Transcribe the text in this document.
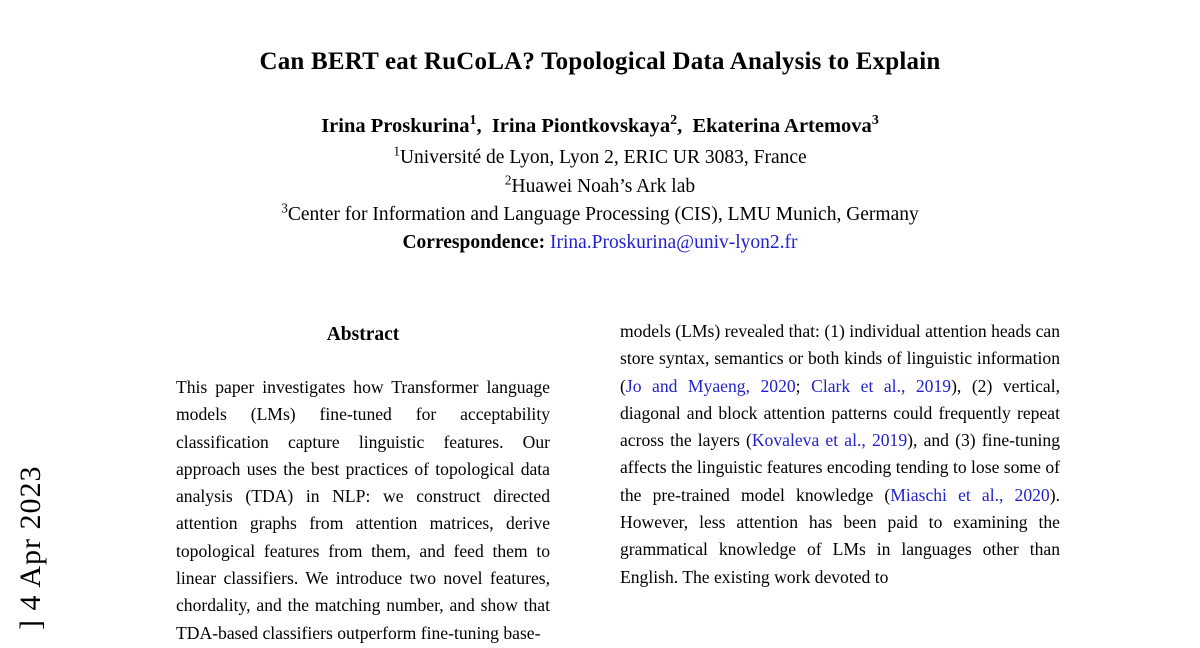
] 4 Apr 2023
Can BERT eat RuCoLA? Topological Data Analysis to Explain
Irina Proskurina$^1$,  Irina Piontkovskaya$^2$,  Ekaterina Artemova$^3$
$^1$Université de Lyon, Lyon 2, ERIC UR 3083, France
$^2$Huawei Noah’s Ark lab
$^3$Center for Information and Language Processing (CIS), LMU Munich, Germany
Correspondence: Irina.Proskurina@univ-lyon2.fr
Abstract

This paper investigates how Transformer language models (LMs) fine-tuned for acceptability classification capture linguistic features. Our approach uses the best practices of topological data analysis (TDA) in NLP: we construct directed attention graphs from attention matrices, derive topological features from them, and feed them to linear classifiers. We introduce two novel features, chordality, and the matching number, and show that TDA-based classifiers outperform fine-tuning base-

models (LMs) revealed that: (1) individual attention heads can store syntax, semantics or both kinds of linguistic information (Jo and Myaeng, 2020; Clark et al., 2019), (2) vertical, diagonal and block attention patterns could frequently repeat across the layers (Kovaleva et al., 2019), and (3) fine-tuning affects the linguistic features encoding tending to lose some of the pre-trained model knowledge (Miaschi et al., 2020). However, less attention has been paid to examining the grammatical knowledge of LMs in languages other than English. The existing work devoted to
